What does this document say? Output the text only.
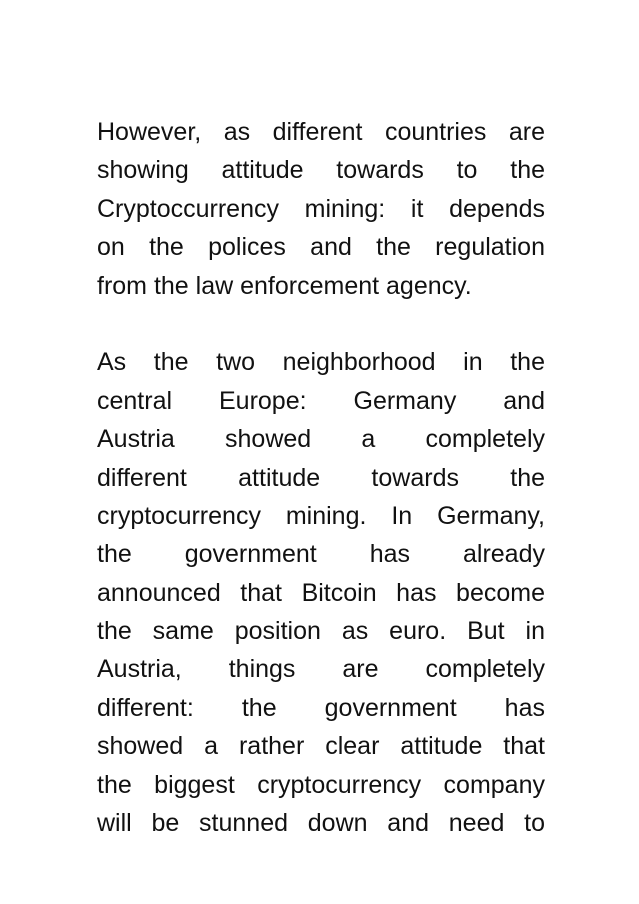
However, as different countries are
showing attitude towards to the
Cryptoccurrency mining: it depends
on the polices and the regulation
from the law enforcement agency.

As the two neighborhood in the
central Europe: Germany and
Austria showed a completely
different attitude towards the
cryptocurrency mining. In Germany,
the government has already
announced that Bitcoin has become
the same position as euro. But in
Austria, things are completely
different: the government has
showed a rather clear attitude that
the biggest cryptocurrency company
will be stunned down and need to
